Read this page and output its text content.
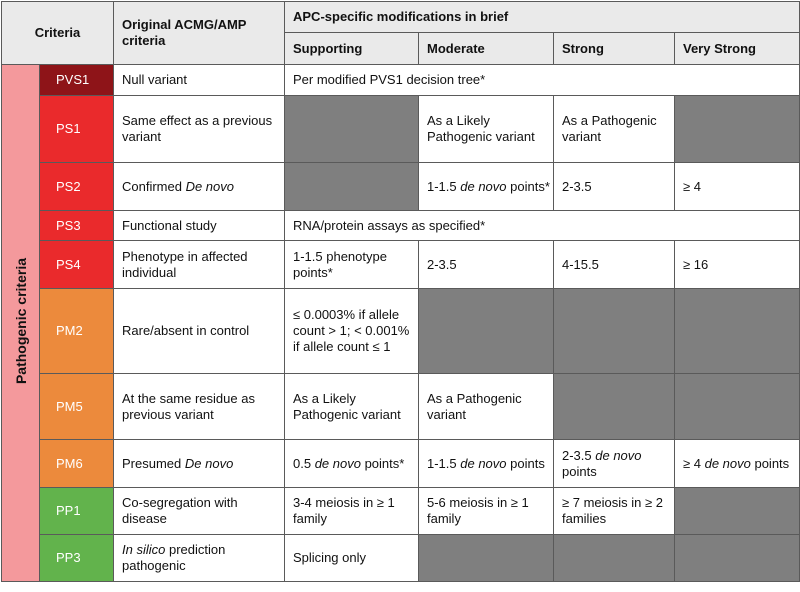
Criteria		Original ACMG/AMP criteria	APC-specific modifications in brief			
			Supporting	Moderate	Strong	Very Strong
Pathogenic criteria	PVS1	Null variant	Per modified PVS1 decision tree*			
	PS1	Same effect as a previous variant		As a Likely Pathogenic variant	As a Pathogenic variant	
	PS2	Confirmed De novo		1-1.5 de novo points*	2-3.5	≥ 4
	PS3	Functional study	RNA/protein assays as specified*			
	PS4	Phenotype in affected individual	1-1.5 phenotype points*	2-3.5	4-15.5	≥ 16
	PM2	Rare/absent in control	≤ 0.0003% if allele count > 1; < 0.001% if allele count ≤ 1			
	PM5	At the same residue as previous variant	As a Likely Pathogenic variant	As a Pathogenic variant		
	PM6	Presumed De novo	0.5 de novo points*	1-1.5 de novo points	2-3.5 de novo points	≥ 4 de novo points
	PP1	Co-segregation with disease	3-4 meiosis in ≥ 1 family	5-6 meiosis in ≥ 1 family	≥ 7 meiosis in ≥ 2 families	
	PP3	In silico prediction pathogenic	Splicing only			
